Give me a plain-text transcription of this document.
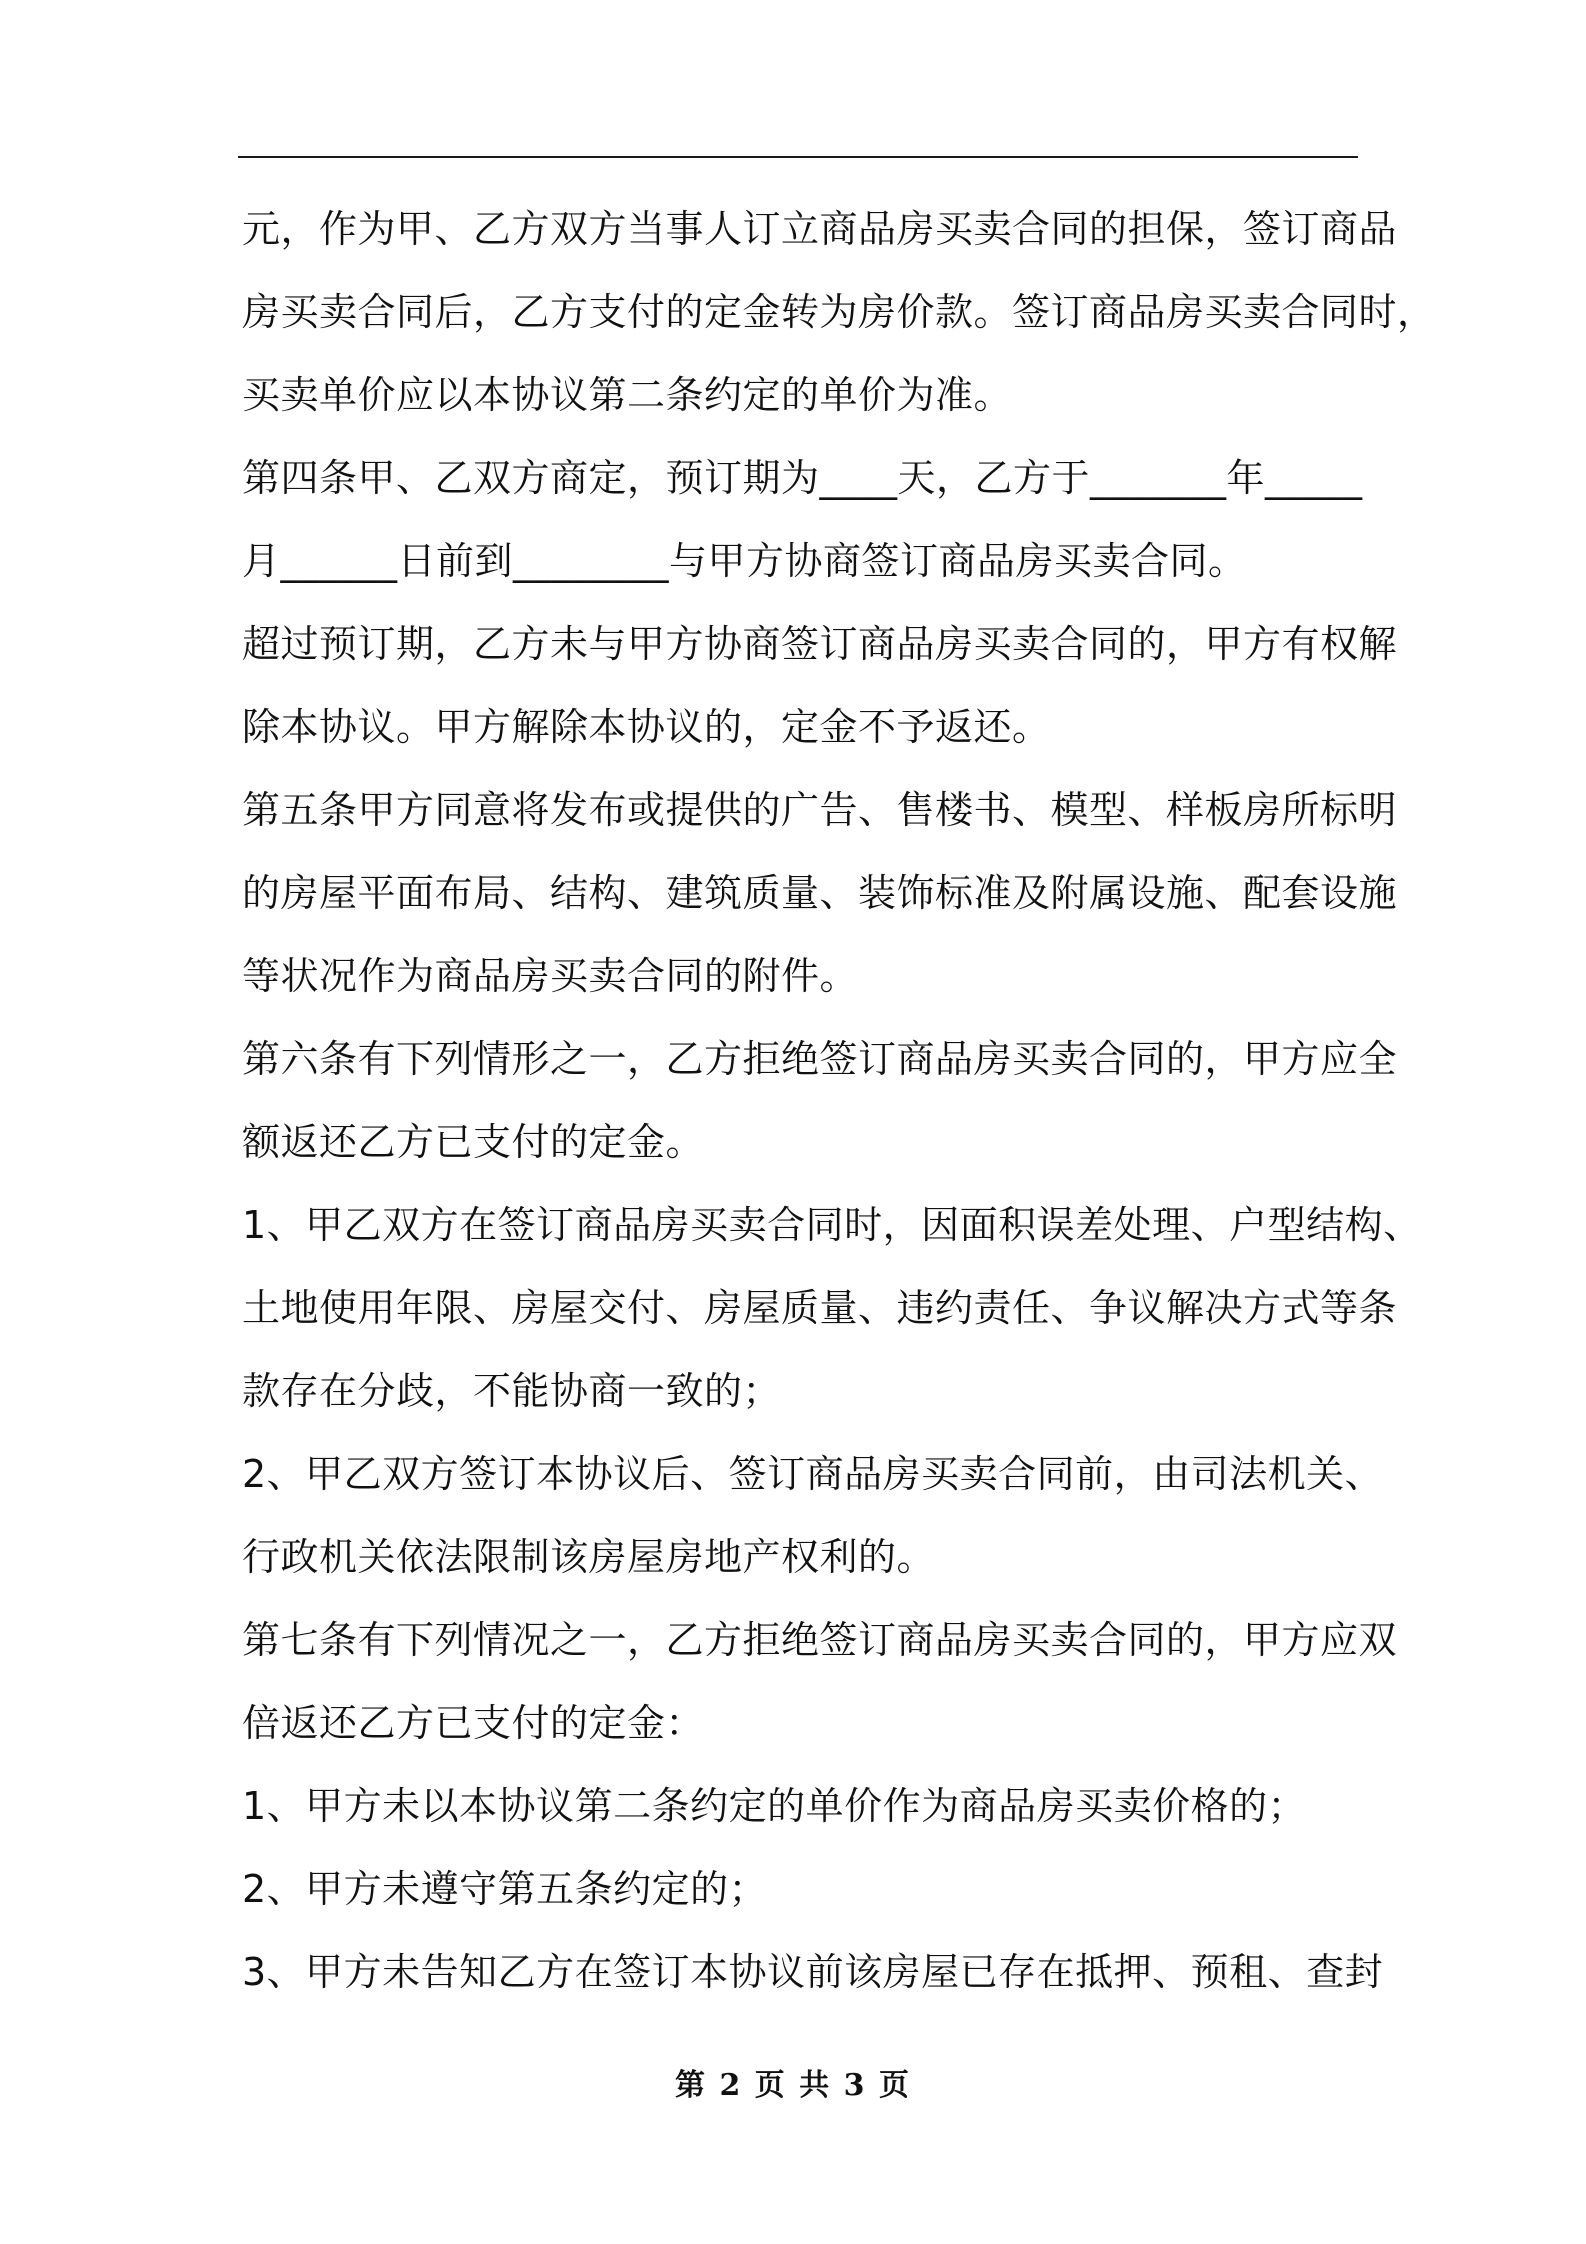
元，作为甲、乙方双方当事人订立商品房买卖合同的担保，签订商品
房买卖合同后，乙方支付的定金转为房价款。签订商品房买卖合同时，
买卖单价应以本协议第二条约定的单价为准。
第四条甲、乙双方商定，预订期为____天，乙方于_______年_____
月______日前到________与甲方协商签订商品房买卖合同。
超过预订期，乙方未与甲方协商签订商品房买卖合同的，甲方有权解
除本协议。甲方解除本协议的，定金不予返还。
第五条甲方同意将发布或提供的广告、售楼书、模型、样板房所标明
的房屋平面布局、结构、建筑质量、装饰标准及附属设施、配套设施
等状况作为商品房买卖合同的附件。
第六条有下列情形之一，乙方拒绝签订商品房买卖合同的，甲方应全
额返还乙方已支付的定金。
1、甲乙双方在签订商品房买卖合同时，因面积误差处理、户型结构、
土地使用年限、房屋交付、房屋质量、违约责任、争议解决方式等条
款存在分歧，不能协商一致的；
2、甲乙双方签订本协议后、签订商品房买卖合同前，由司法机关、
行政机关依法限制该房屋房地产权利的。
第七条有下列情况之一，乙方拒绝签订商品房买卖合同的，甲方应双
倍返还乙方已支付的定金：
1、甲方未以本协议第二条约定的单价作为商品房买卖价格的；
2、甲方未遵守第五条约定的；
3、甲方未告知乙方在签订本协议前该房屋已存在抵押、预租、查封
第 2 页 共 3 页
